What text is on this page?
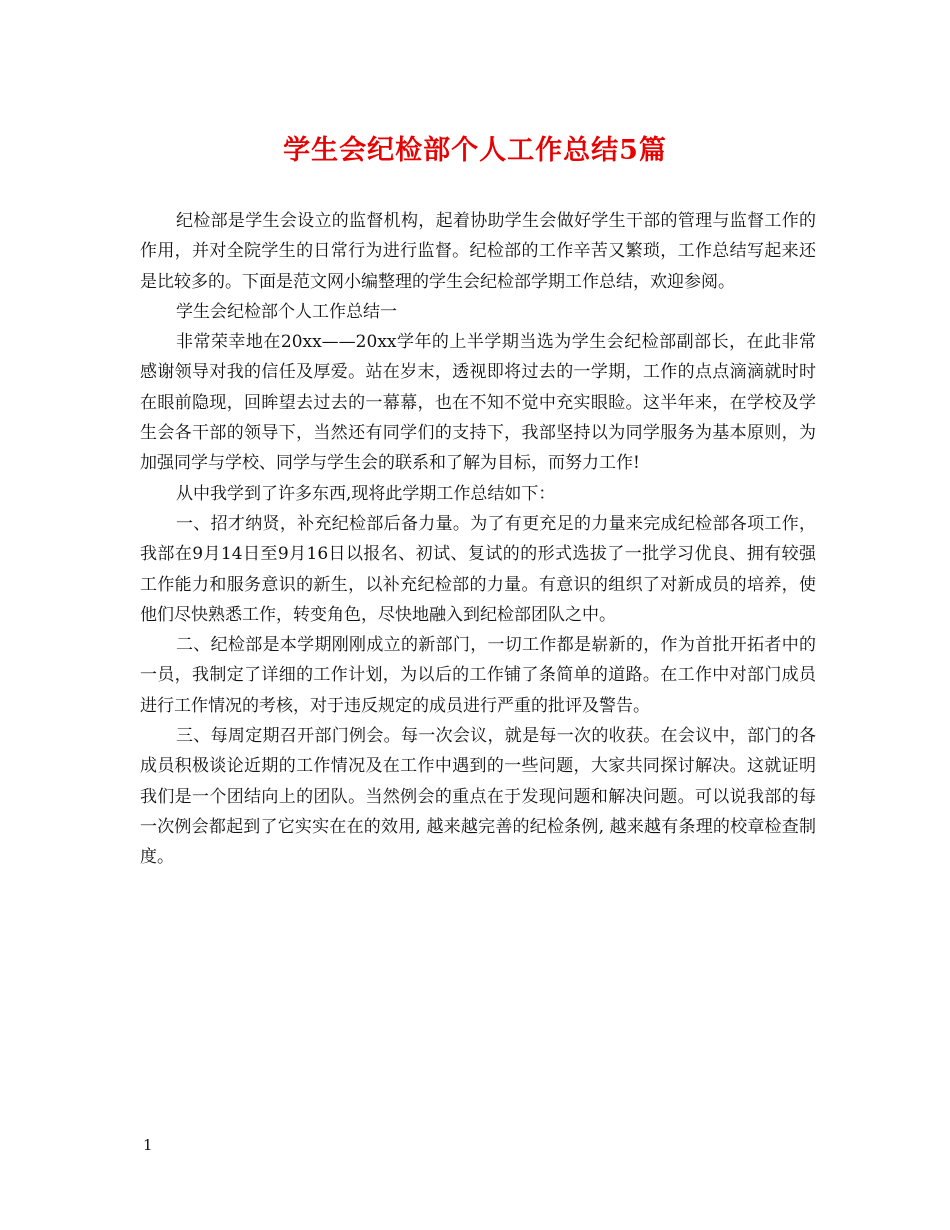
学生会纪检部个人工作总结5篇

纪检部是学生会设立的监督机构，起着协助学生会做好学生干部的管理与监督工作的作用，并对全院学生的日常行为进行监督。纪检部的工作辛苦又繁琐，工作总结写起来还是比较多的。下面是范文网小编整理的学生会纪检部学期工作总结，欢迎参阅。

学生会纪检部个人工作总结一

非常荣幸地在20xx——20xx学年的上半学期当选为学生会纪检部副部长，在此非常感谢领导对我的信任及厚爱。站在岁末，透视即将过去的一学期，工作的点点滴滴就时时在眼前隐现，回眸望去过去的一幕幕，也在不知不觉中充实眼睑。这半年来，在学校及学生会各干部的领导下，当然还有同学们的支持下，我部坚持以为同学服务为基本原则，为加强同学与学校、同学与学生会的联系和了解为目标，而努力工作!

从中我学到了许多东西,现将此学期工作总结如下：

一、招才纳贤，补充纪检部后备力量。为了有更充足的力量来完成纪检部各项工作，我部在9月14日至9月16日以报名、初试、复试的的形式选拔了一批学习优良、拥有较强工作能力和服务意识的新生，以补充纪检部的力量。有意识的组织了对新成员的培养，使他们尽快熟悉工作，转变角色，尽快地融入到纪检部团队之中。

二、纪检部是本学期刚刚成立的新部门，一切工作都是崭新的，作为首批开拓者中的一员，我制定了详细的工作计划，为以后的工作铺了条简单的道路。在工作中对部门成员进行工作情况的考核，对于违反规定的成员进行严重的批评及警告。

三、每周定期召开部门例会。每一次会议，就是每一次的收获。在会议中，部门的各成员积极谈论近期的工作情况及在工作中遇到的一些问题，大家共同探讨解决。这就证明我们是一个团结向上的团队。当然例会的重点在于发现问题和解决问题。可以说我部的每一次例会都起到了它实实在在的效用, 越来越完善的纪检条例, 越来越有条理的校章检查制度。

1
